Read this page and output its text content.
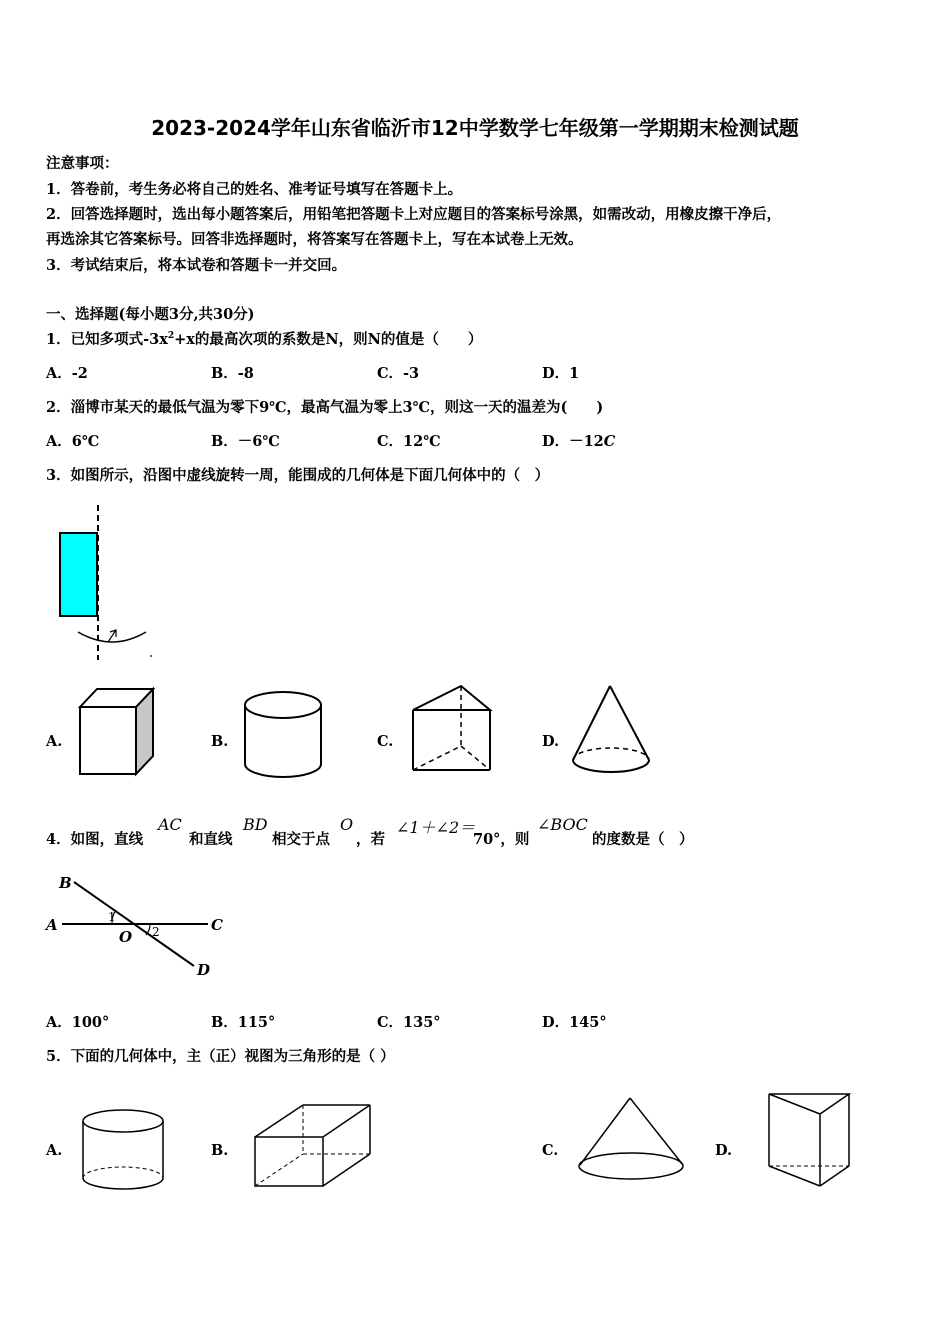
2023-2024学年山东省临沂市12中学数学七年级第一学期期末检测试题
注意事项：
1．答卷前，考生务必将自己的姓名、准考证号填写在答题卡上。
2．回答选择题时，选出每小题答案后，用铅笔把答题卡上对应题目的答案标号涂黑，如需改动，用橡皮擦干净后，
再选涂其它答案标号。回答非选择题时，将答案写在答题卡上，写在本试卷上无效。
3．考试结束后，将本试卷和答题卡一并交回。
一、选择题(每小题3分,共30分)
1．已知多项式$-3x^2+x$的最高次项的系数是N，则N的值是（　　）
A．-2	B．-8	C．-3	D．1
2．淄博市某天的最低气温为零下9℃，最高气温为零上3℃，则这一天的温差为(　　)
A．6℃	B．－6℃	C．12℃	D．－12C
3．如图所示，沿图中虚线旋转一周，能围成的几何体是下面几何体中的（　）
A.	B.	C.	D.
4．如图，直线
AC
和直线
BD
相交于点
O
，若
∠1＋∠2＝
70°，则
∠BOC
的度数是（　）
B
A	C
D
O
1
2
A．100°	B．115°	C．135°	D．145°
5．下面的几何体中，主（正）视图为三角形的是（ ）
A.	B.	C.	D.
